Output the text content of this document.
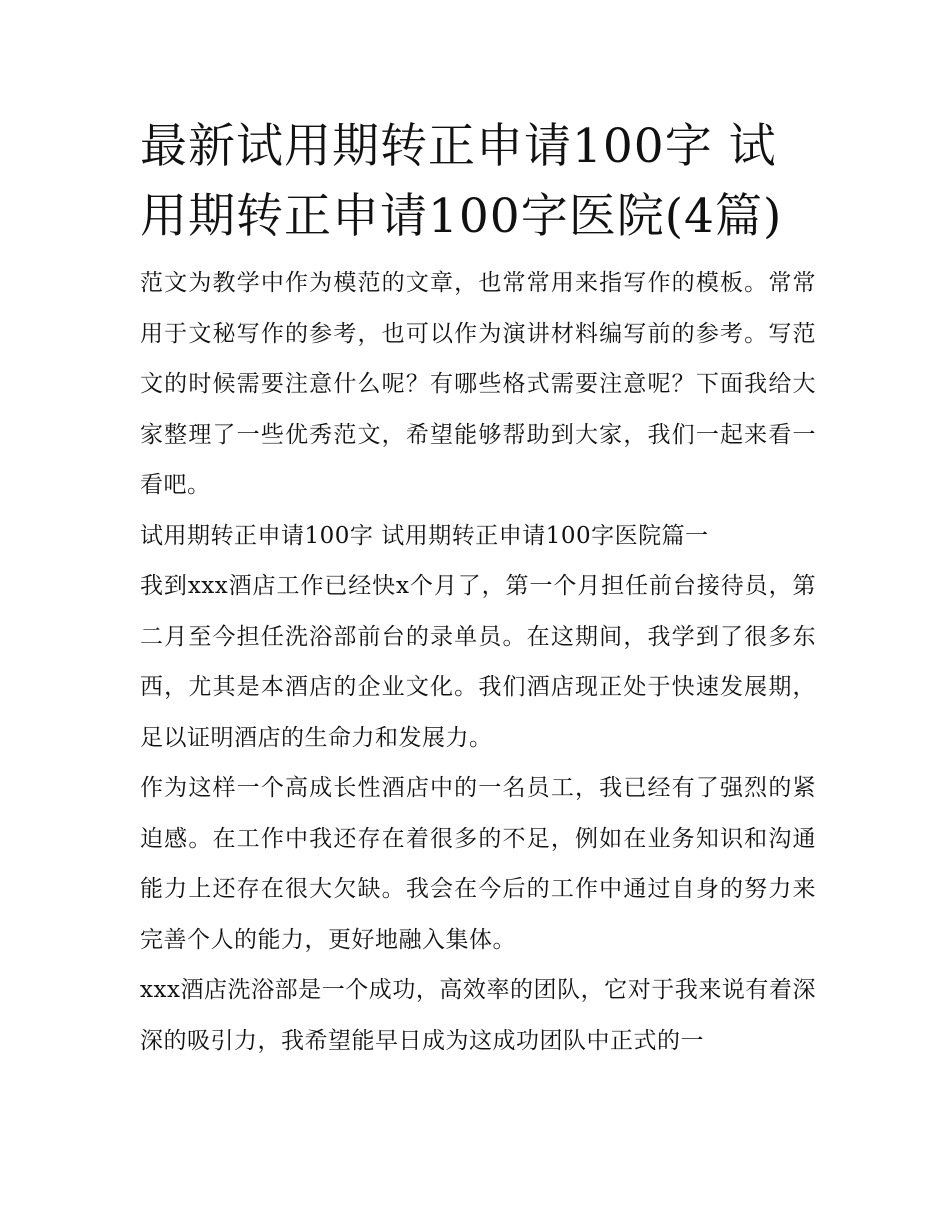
最新试用期转正申请100字 试用期转正申请100字医院(4篇)

范文为教学中作为模范的文章，也常常用来指写作的模板。常常用于文秘写作的参考，也可以作为演讲材料编写前的参考。写范文的时候需要注意什么呢？有哪些格式需要注意呢？下面我给大家整理了一些优秀范文，希望能够帮助到大家，我们一起来看一看吧。

试用期转正申请100字 试用期转正申请100字医院篇一

我到xxx酒店工作已经快x个月了，第一个月担任前台接待员，第二月至今担任洗浴部前台的录单员。在这期间，我学到了很多东西，尤其是本酒店的企业文化。我们酒店现正处于快速发展期，足以证明酒店的生命力和发展力。

作为这样一个高成长性酒店中的一名员工，我已经有了强烈的紧迫感。在工作中我还存在着很多的不足，例如在业务知识和沟通能力上还存在很大欠缺。我会在今后的工作中通过自身的努力来完善个人的能力，更好地融入集体。

xxx酒店洗浴部是一个成功，高效率的团队，它对于我来说有着深深的吸引力，我希望能早日成为这成功团队中正式的一
